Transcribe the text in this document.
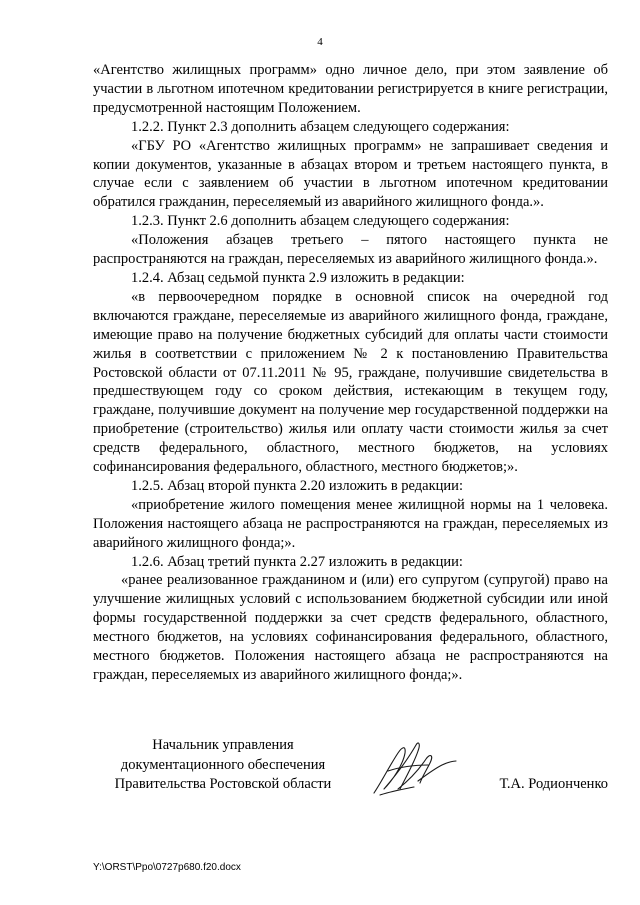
4

«Агентство жилищных программ» одно личное дело, при этом заявление об участии в льготном ипотечном кредитовании регистрируется в книге регистрации, предусмотренной настоящим Положением.

1.2.2. Пункт 2.3 дополнить абзацем следующего содержания:

«ГБУ РО «Агентство жилищных программ» не запрашивает сведения и копии документов, указанные в абзацах втором и третьем настоящего пункта, в случае если с заявлением об участии в льготном ипотечном кредитовании обратился гражданин, переселяемый из аварийного жилищного фонда.».

1.2.3. Пункт 2.6 дополнить абзацем следующего содержания:

«Положения абзацев третьего – пятого настоящего пункта не распространяются на граждан, переселяемых из аварийного жилищного фонда.».

1.2.4. Абзац седьмой пункта 2.9 изложить в редакции:

«в первоочередном порядке в основной список на очередной год включаются граждане, переселяемые из аварийного жилищного фонда, граждане, имеющие право на получение бюджетных субсидий для оплаты части стоимости жилья в соответствии с приложением № 2 к постановлению Правительства Ростовской области от 07.11.2011 № 95, граждане, получившие свидетельства в предшествующем году со сроком действия, истекающим в текущем году, граждане, получившие документ на получение мер государственной поддержки на приобретение (строительство) жилья или оплату части стоимости жилья за счет средств федерального, областного, местного бюджетов, на условиях софинансирования федерального, областного, местного бюджетов;».

1.2.5. Абзац второй пункта 2.20 изложить в редакции:

«приобретение жилого помещения менее жилищной нормы на 1 человека. Положения настоящего абзаца не распространяются на граждан, переселяемых из аварийного жилищного фонда;».

1.2.6. Абзац третий пункта 2.27 изложить в редакции:

«ранее реализованное гражданином и (или) его супругом (супругой) право на улучшение жилищных условий с использованием бюджетной субсидии или иной формы государственной поддержки за счет средств федерального, областного, местного бюджетов, на условиях софинансирования федерального, областного, местного бюджетов. Положения настоящего абзаца не распространяются на граждан, переселяемых из аварийного жилищного фонда;».

Начальник управления
документационного обеспечения
Правительства Ростовской области	Т.А. Родионченко
Y:\ORST\Ppo\0727p680.f20.docx
